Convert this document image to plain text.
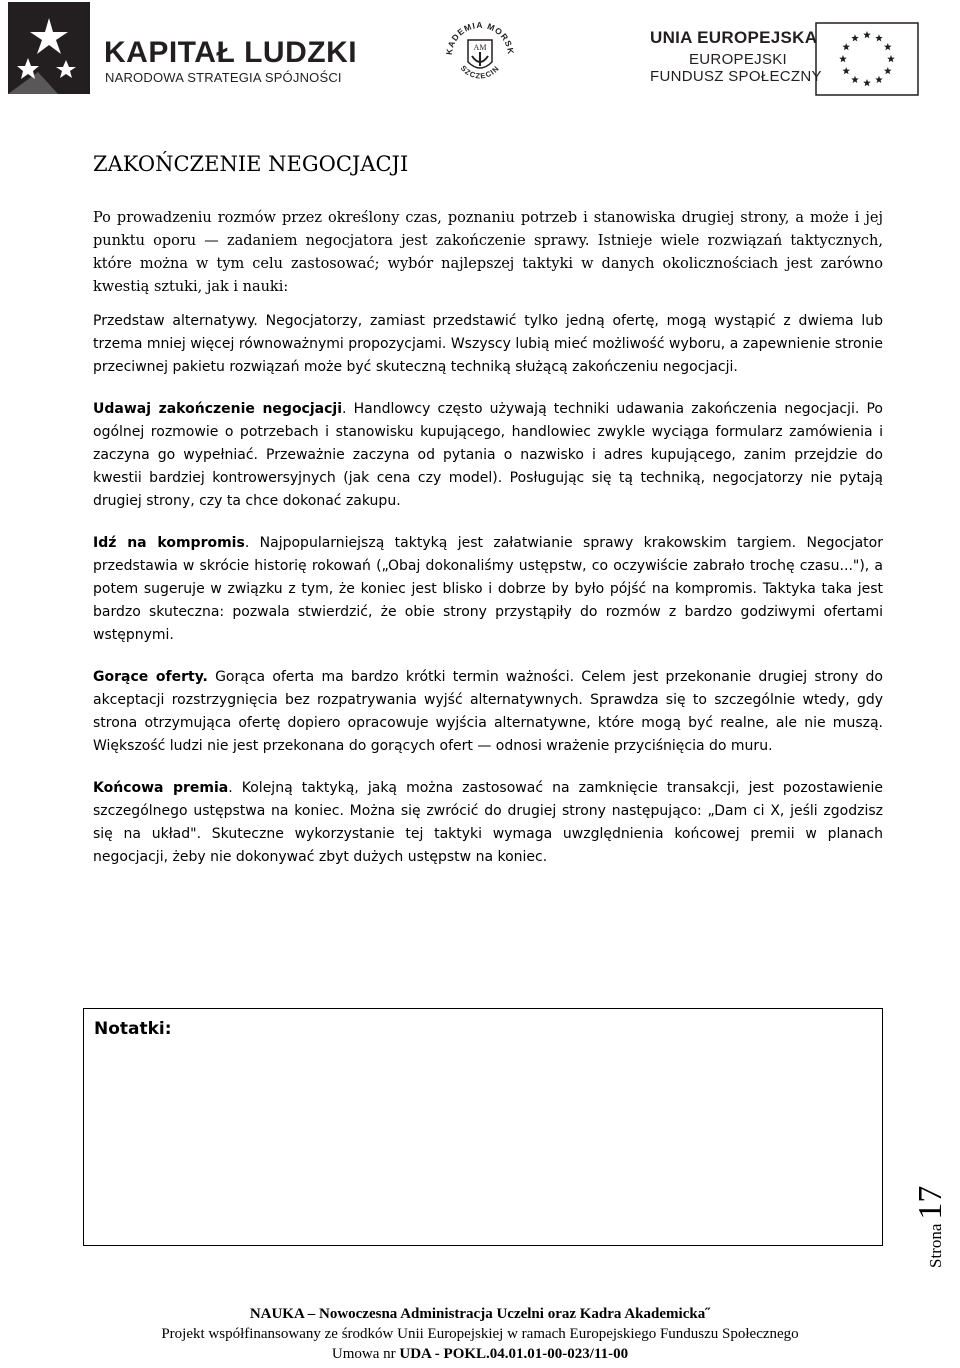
KAPITAŁ LUDZKI
NARODOWA STRATEGIA SPÓJNOŚCI
KADEMIA MORSK
SZCZECIN
AM
UNIA EUROPEJSKA
EUROPEJSKI
FUNDUSZ SPOŁECZNY
ZAKOŃCZENIE NEGOCJACJI

Po prowadzeniu rozmów przez określony czas, poznaniu potrzeb i stanowiska drugiej strony, a może i jej punktu oporu — zadaniem negocjatora jest zakończenie sprawy. Istnieje wiele rozwiązań taktycznych, które można w tym celu zastosować; wybór najlepszej taktyki w danych okolicznościach jest zarówno kwestią sztuki, jak i nauki:

Przedstaw alternatywy. Negocjatorzy, zamiast przedstawić tylko jedną ofertę, mogą wystąpić z dwiema lub trzema mniej więcej równoważnymi propozycjami. Wszyscy lubią mieć możliwość wyboru, a zapewnienie stronie przeciwnej pakietu rozwiązań może być skuteczną techniką służącą zakończeniu negocjacji.

Udawaj zakończenie negocjacji. Handlowcy często używają techniki udawania zakończenia negocjacji. Po ogólnej rozmowie o potrzebach i stanowisku kupującego, handlowiec zwykle wyciąga formularz zamówienia i zaczyna go wypełniać. Przeważnie zaczyna od pytania o nazwisko i adres kupującego, zanim przejdzie do kwestii bardziej kontrowersyjnych (jak cena czy model). Posługując się tą techniką, negocjatorzy nie pytają drugiej strony, czy ta chce dokonać zakupu.

Idź na kompromis. Najpopularniejszą taktyką jest załatwianie sprawy krakowskim targiem. Negocjator przedstawia w skrócie historię rokowań („Obaj dokonaliśmy ustępstw, co oczywiście zabrało trochę czasu..."), a potem sugeruje w związku z tym, że koniec jest blisko i dobrze by było pójść na kompromis. Taktyka taka jest bardzo skuteczna: pozwala stwierdzić, że obie strony przystąpiły do rozmów z bardzo godziwymi ofertami wstępnymi.

Gorące oferty. Gorąca oferta ma bardzo krótki termin ważności. Celem jest przekonanie drugiej strony do akceptacji rozstrzygnięcia bez rozpatrywania wyjść alternatywnych. Sprawdza się to szczególnie wtedy, gdy strona otrzymująca ofertę dopiero opracowuje wyjścia alternatywne, które mogą być realne, ale nie muszą. Większość ludzi nie jest przekonana do gorących ofert — odnosi wrażenie przyciśnięcia do muru.

Końcowa premia. Kolejną taktyką, jaką można zastosować na zamknięcie transakcji, jest pozostawienie szczególnego ustępstwa na koniec. Można się zwrócić do drugiej strony następująco: „Dam ci X, jeśli zgodzisz się na układ". Skuteczne wykorzystanie tej taktyki wymaga uwzględnienia końcowej premii w planach negocjacji, żeby nie dokonywać zbyt dużych ustępstw na koniec.

Notatki:
Strona 17
NAUKA – Nowoczesna Administracja Uczelni oraz Kadra Akademicka˝
Projekt współfinansowany ze środków Unii Europejskiej w ramach Europejskiego Funduszu Społecznego
Umowa nr UDA - POKL.04.01.01-00-023/11-00
